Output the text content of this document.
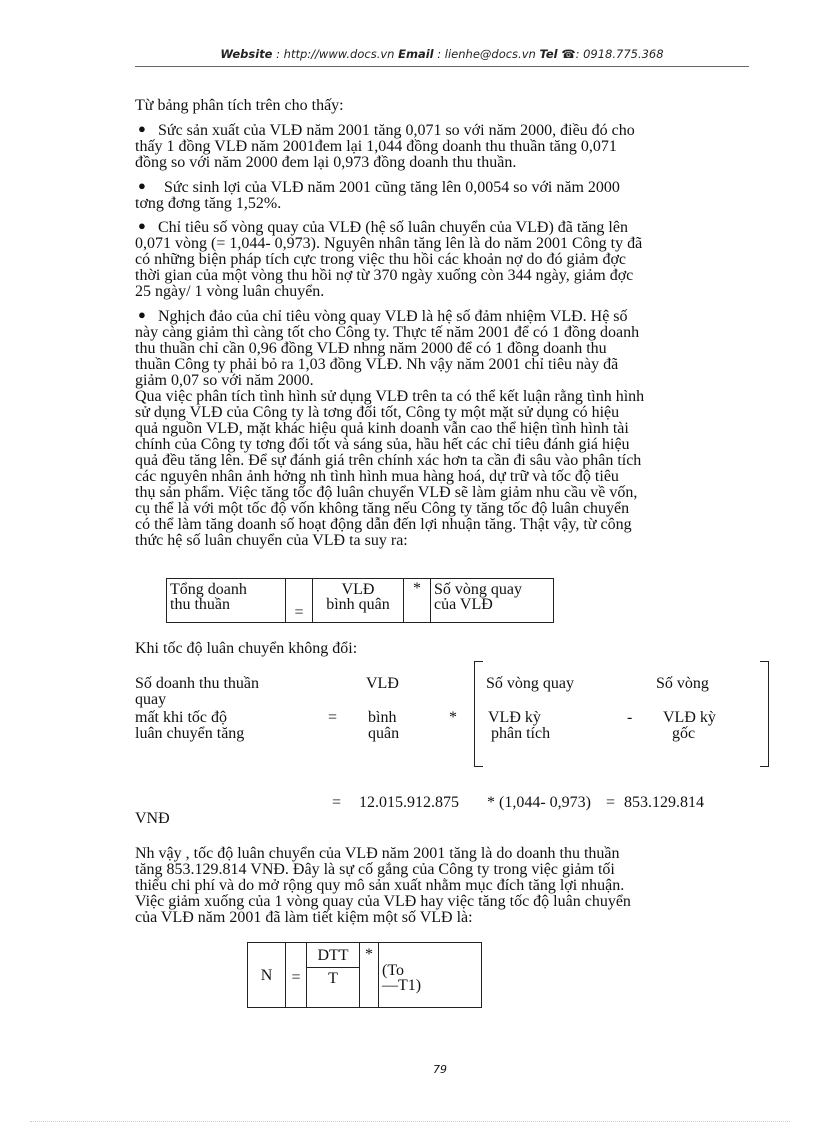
Website : http://www.docs.vn Email : lienhe@docs.vn Tel ☎: 0918.775.368
Từ bảng phân tích trên cho thấy:
● Sức sản xuất của VLĐ năm 2001 tăng 0,071 so với năm 2000, điều đó cho
thấy 1 đồng VLĐ năm 2001đem lại 1,044 đồng doanh thu thuần tăng 0,071
đồng so với năm 2000 đem lại 0,973 đồng doanh thu thuần.
● Sức sinh lợi của VLĐ năm 2001 cũng tăng lên 0,0054 so với năm 2000
tơng đơng tăng 1,52%.
● Chỉ tiêu số vòng quay của VLĐ (hệ số luân chuyển của VLĐ) đã tăng lên
0,071 vòng (= 1,044- 0,973). Nguyên nhân tăng lên là do năm 2001 Công ty đã
có những biện pháp tích cực trong việc thu hồi các khoản nợ do đó giảm đợc
thời gian của một vòng thu hồi nợ từ 370 ngày xuống còn 344 ngày, giảm đợc
25 ngày/ 1 vòng luân chuyển.
● Nghịch đảo của chỉ tiêu vòng quay VLĐ là hệ số đảm nhiệm VLĐ. Hệ số
này càng giảm thì càng tốt cho Công ty. Thực tế năm 2001 để có 1 đồng doanh
thu thuần chỉ cần 0,96 đồng VLĐ nhng năm 2000 để có 1 đồng doanh thu
thuần Công ty phải bỏ ra 1,03 đồng VLĐ. Nh vậy năm 2001 chỉ tiêu này đã
giảm 0,07 so với năm 2000.
Qua việc phân tích tình hình sử dụng VLĐ trên ta có thể kết luận rằng tình hình
sử dụng VLĐ của Công ty là tơng đối tốt, Công ty một mặt sử dụng có hiệu
quả nguồn VLĐ, mặt khác hiệu quả kinh doanh vẫn cao thể hiện tình hình tài
chính của Công ty tơng đối tốt và sáng sủa, hầu hết các chỉ tiêu đánh giá hiệu
quả đều tăng lên. Để sự đánh giá trên chính xác hơn ta cần đi sâu vào phân tích
các nguyên nhân ảnh hởng nh tình hình mua hàng hoá, dự trữ và tốc độ tiêu
thụ sản phẩm. Việc tăng tốc độ luân chuyển VLĐ sẽ làm giảm nhu cầu về vốn,
cụ thể là với một tốc độ vốn không tăng nếu Công ty tăng tốc độ luân chuyển
có thể làm tăng doanh số hoạt động dẫn đến lợi nhuận tăng. Thật vậy, từ công
thức hệ số luân chuyển của VLĐ ta suy ra:
Tổng doanh
thu thuần	=	
VLĐ
bình quân
	*	Số vòng quay
của VLĐ
Khi tốc độ luân chuyển không đổi:
Số doanh thu thuần
quay
mất khi tốc độ
luân chuyển tăng
VLĐ
= bình
quân
*
Số vòng quay
VLĐ kỳ
phân tích
-
Số vòng
VLĐ kỳ
gốc
= 12.015.912.875 * (1,044- 0,973) = 853.129.814
VNĐ
Nh vậy , tốc độ luân chuyển của VLĐ năm 2001 tăng là do doanh thu thuần
tăng 853.129.814 VNĐ. Đây là sự cố gắng của Công ty trong việc giảm tối
thiểu chi phí và do mở rộng quy mô sản xuất nhằm mục đích tăng lợi nhuận.
Việc giảm xuống của 1 vòng quay của VLĐ hay việc tăng tốc độ luân chuyển
của VLĐ năm 2001 đã làm tiết kiệm một số VLĐ là:
N	=	DTT	*	
(To
—T1)

T
79
